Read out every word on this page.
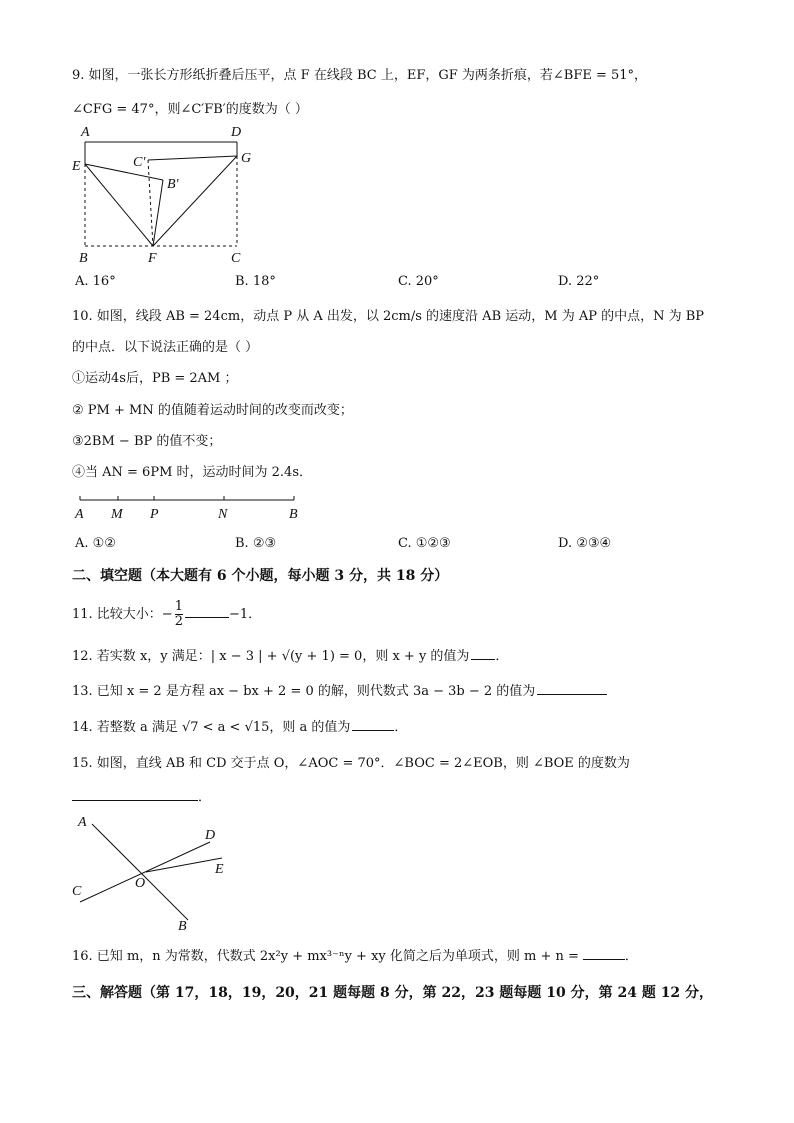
9. 如图，一张长方形纸折叠后压平，点 F 在线段 BC 上，EF，GF 为两条折痕，若∠BFE = 51°，
∠CFG = 47°，则∠C′FB′的度数为（ ）
A	D
E
G
C′
B′
B	F	C
A. 16°	B. 18°	C. 20°	D. 22°
10. 如图，线段 AB = 24cm，动点 P 从 A 出发，以 2cm/s 的速度沿 AB 运动，M 为 AP 的中点，N 为 BP
的中点．以下说法正确的是（ ）
①运动4s后，PB = 2AM ；
② PM + MN 的值随着运动时间的改变而改变；
③2BM − BP 的值不变；
④当 AN = 6PM 时，运动时间为 2.4s．
A M P	N	B
A. ①②	B. ②③	C. ①②③	D. ②③④
二、填空题（本大题有 6 个小题，每小题 3 分，共 18 分）
11. 比较大小：− $\frac{1}{2}$	−1．
12. 若实数 x，y 满足：| x − 3 | + √(y + 1) = 0，则 x + y 的值为 ．
13. 已知 x = 2 是方程 ax − bx + 2 = 0 的解，则代数式 3a − 3b − 2 的值为
14. 若整数 a 满足 √7 < a < √15，则 a 的值为	．
15. 如图，直线 AB 和 CD 交于点 O，∠AOC = 70°．∠BOC = 2∠EOB，则 ∠BOE 的度数为
．
A
D
E
C
O
B
16. 已知 m，n 为常数，代数式 2x²y + mx³⁻ⁿy + xy 化简之后为单项式，则 m + n =	．
三、解答题（第 17，18，19，20，21 题每题 8 分，第 22，23 题每题 10 分，第 24 题 12 分，
